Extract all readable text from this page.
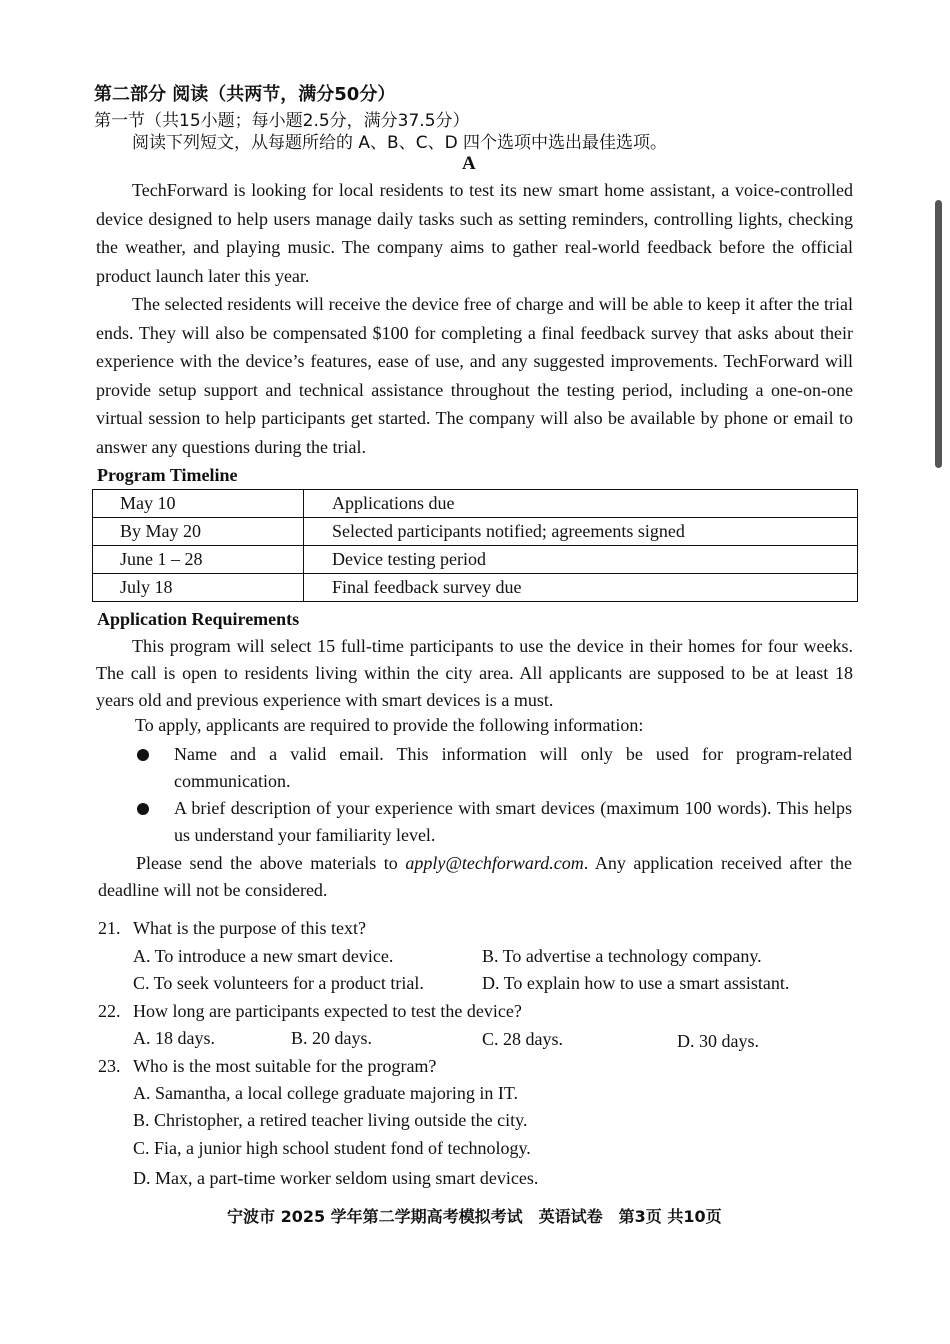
第二部分 阅读（共两节，满分50分）
第一节（共15小题；每小题2.5分，满分37.5分）
阅读下列短文，从每题所给的 A、B、C、D 四个选项中选出最佳选项。
A
TechForward is looking for local residents to test its new smart home assistant, a voice-controlled device designed to help users manage daily tasks such as setting reminders, controlling lights, checking the weather, and playing music. The company aims to gather real-world feedback before the official product launch later this year.
The selected residents will receive the device free of charge and will be able to keep it after the trial ends. They will also be compensated $100 for completing a final feedback survey that asks about their experience with the device’s features, ease of use, and any suggested improvements. TechForward will provide setup support and technical assistance throughout the testing period, including a one-on-one virtual session to help participants get started. The company will also be available by phone or email to answer any questions during the trial.
Program Timeline
May 10	Applications due
By May 20	Selected participants notified; agreements signed
June 1 – 28	Device testing period
July 18	Final feedback survey due
Application Requirements
This program will select 15 full-time participants to use the device in their homes for four weeks. The call is open to residents living within the city area. All applicants are supposed to be at least 18 years old and previous experience with smart devices is a must.
To apply, applicants are required to provide the following information:
Name and a valid email. This information will only be used for program-related communication.
A brief description of your experience with smart devices (maximum 100 words). This helps us understand your familiarity level.
Please send the above materials to apply@techforward.com. Any application received after the deadline will not be considered.
21. What is the purpose of this text?
A. To introduce a new smart device.	B. To advertise a technology company.
C. To seek volunteers for a product trial.	D. To explain how to use a smart assistant.
22. How long are participants expected to test the device?
A. 18 days.	B. 20 days.	C. 28 days.	D. 30 days.
23. Who is the most suitable for the program?
A. Samantha, a local college graduate majoring in IT.
B. Christopher, a retired teacher living outside the city.
C. Fia, a junior high school student fond of technology.
D. Max, a part-time worker seldom using smart devices.
宁波市 2025 学年第二学期高考模拟考试　英语试卷　第3页 共10页
